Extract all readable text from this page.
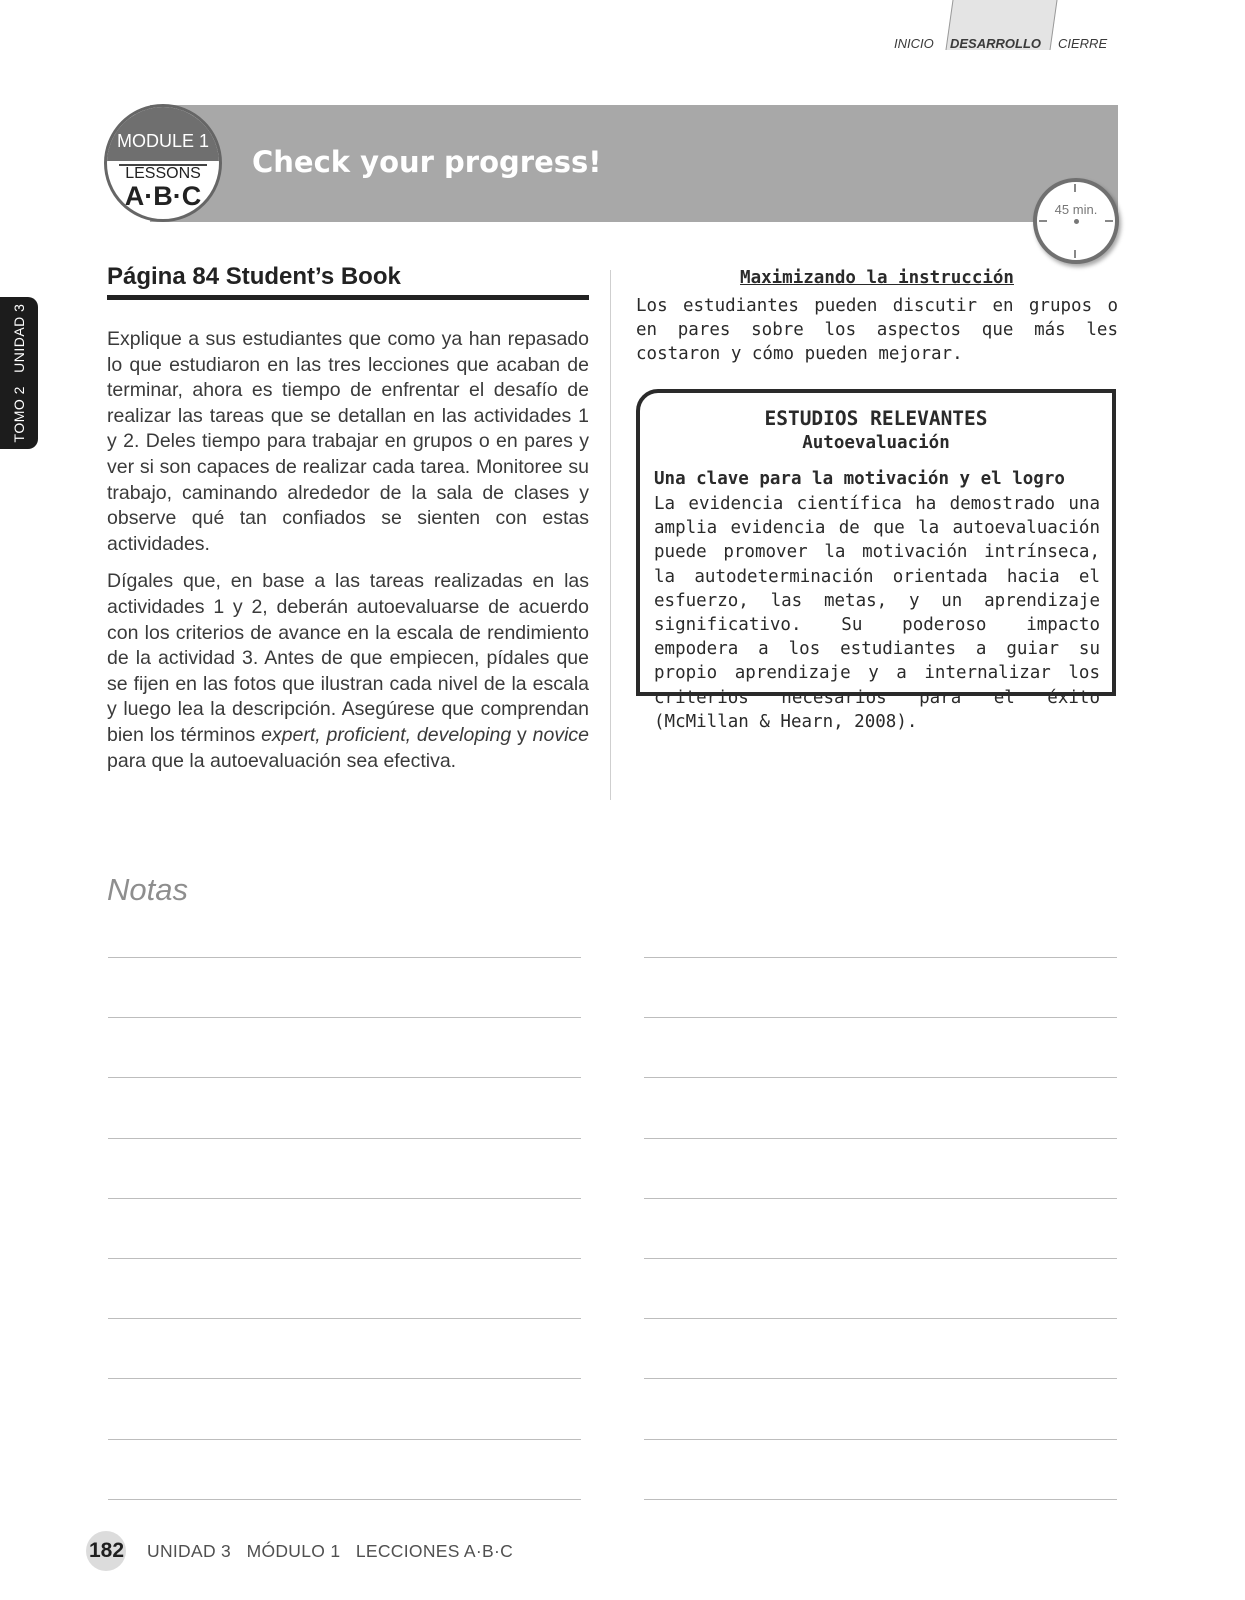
INICIO DESARROLLO CIERRE
TOMO 2   UNIDAD 3
Check your progress!
MODULE 1
LESSONS
A·B·C	45 min.
Página 84 Student’s Book

Explique a sus estudiantes que como ya han repasado lo que estudiaron en las tres lecciones que acaban de terminar, ahora es tiempo de enfrentar el desafío de realizar las tareas que se detallan en las actividades 1 y 2. Deles tiempo para trabajar en grupos o en pares y ver si son capaces de realizar cada tarea. Monitoree su trabajo, caminando alrededor de la sala de clases y observe qué tan confiados se sienten con estas actividades.

Dígales que, en base a las tareas realizadas en las actividades 1 y 2, deberán autoevaluarse de acuerdo con los criterios de avance en la escala de rendimiento de la actividad 3. Antes de que empiecen, pídales que se fijen en las fotos que ilustran cada nivel de la escala y luego lea la descripción. Asegúrese que comprendan bien los términos expert, proficient, developing y novice para que la autoevaluación sea efectiva.

Maximizando la instrucción
Los estudiantes pueden discutir en grupos o en pares sobre los aspectos que más les costaron y cómo pueden mejorar.
ESTUDIOS RELEVANTES
Autoevaluación
Una clave para la motivación y el logro
La evidencia científica ha demostrado una amplia evidencia de que la autoevaluación puede promover la motivación intrínseca, la autodeterminación orientada hacia el esfuerzo, las metas, y un aprendizaje significativo. Su poderoso impacto empodera a los estudiantes a guiar su propio aprendizaje y a internalizar los criterios necesarios para el éxito (McMillan & Hearn, 2008).
Notas
182 UNIDAD 3   MÓDULO 1   LECCIONES A·B·C
